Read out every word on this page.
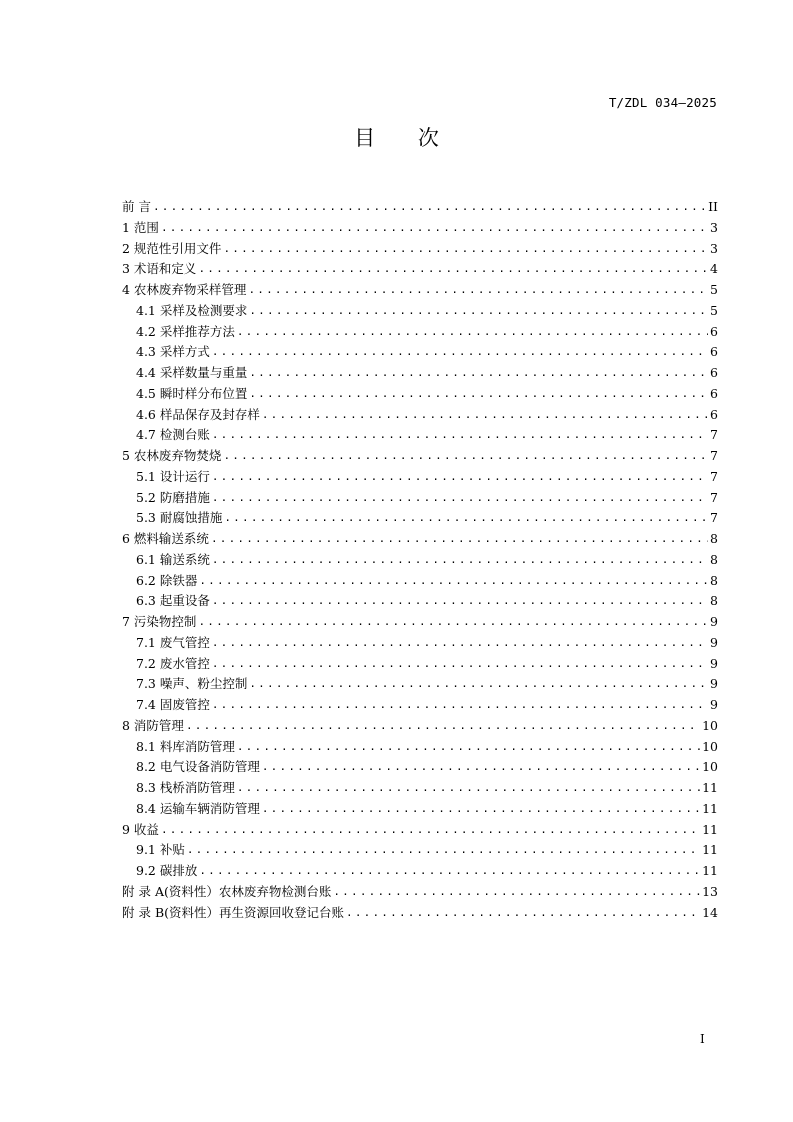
T/ZDL 034—2025
目 次
前 言 .....	II
1 范围 .....	3
2 规范性引用文件 .....	3
3 术语和定义 .....	4
4 农林废弃物采样管理 .....	5
4.1 采样及检测要求 .....	5
4.2 采样推荐方法 .....	6
4.3 采样方式 .....	6
4.4 采样数量与重量 .....	6
4.5 瞬时样分布位置 .....	6
4.6 样品保存及封存样 .....	6
4.7 检测台账 .....	7
5 农林废弃物焚烧 .....	7
5.1 设计运行 .....	7
5.2 防磨措施 .....	7
5.3 耐腐蚀措施 .....	7
6 燃料输送系统 .....	8
6.1 输送系统 .....	8
6.2 除铁器 .....	8
6.3 起重设备 .....	8
7 污染物控制 .....	9
7.1 废气管控 .....	9
7.2 废水管控 .....	9
7.3 噪声、粉尘控制 .....	9
7.4 固废管控 .....	9
8 消防管理 .....	10
8.1 料库消防管理 .....	10
8.2 电气设备消防管理 .....	10
8.3 栈桥消防管理 .....	11
8.4 运输车辆消防管理 .....	11
9 收益 .....	11
9.1 补贴 .....	11
9.2 碳排放 .....	11
附 录 A(资料性）农林废弃物检测台账 .....	13
附 录 B(资料性）再生资源回收登记台账 .....	14
I
